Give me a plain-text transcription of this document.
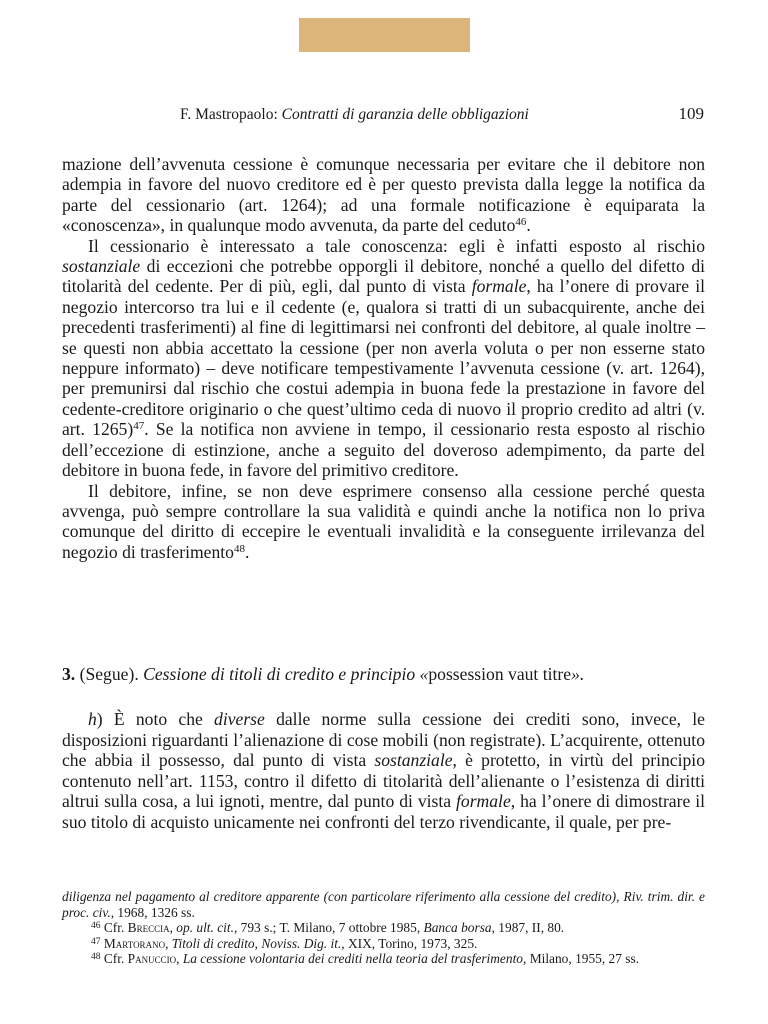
F. Mastropaolo: Contratti di garanzia delle obbligazioni	109

mazione dell’avvenuta cessione è comunque necessaria per evitare che il debitore non adempia in favore del nuovo creditore ed è per questo prevista dalla legge la notifica da parte del cessionario (art. 1264); ad una formale notificazione è equiparata la «conoscenza», in qualunque modo avvenuta, da parte del ceduto$^{46}$.

Il cessionario è interessato a tale conoscenza: egli è infatti esposto al rischio sostanziale di eccezioni che potrebbe opporgli il debitore, nonché a quello del difetto di titolarità del cedente. Per di più, egli, dal punto di vista formale, ha l’onere di provare il negozio intercorso tra lui e il cedente (e, qualora si tratti di un subacquirente, anche dei precedenti trasferimenti) al fine di legittimarsi nei confronti del debitore, al quale inoltre – se questi non abbia accettato la cessione (per non averla voluta o per non esserne stato neppure informato) – deve notificare tempestivamente l’avvenuta cessione (v. art. 1264), per premunirsi dal rischio che costui adempia in buona fede la prestazione in favore del cedente-creditore originario o che quest’ultimo ceda di nuovo il proprio credito ad altri (v. art. 1265)$^{47}$. Se la notifica non avviene in tempo, il cessionario resta esposto al rischio dell’eccezione di estinzione, anche a seguito del doveroso adempimento, da parte del debitore in buona fede, in favore del primitivo creditore.

Il debitore, infine, se non deve esprimere consenso alla cessione perché questa avvenga, può sempre controllare la sua validità e quindi anche la notifica non lo priva comunque del diritto di eccepire le eventuali invalidità e la conseguente irrilevanza del negozio di trasferimento$^{48}$.

3. (Segue). Cessione di titoli di credito e principio «possession vaut titre».

h) È noto che diverse dalle norme sulla cessione dei crediti sono, invece, le disposizioni riguardanti l’alienazione di cose mobili (non registrate). L’acquirente, ottenuto che abbia il possesso, dal punto di vista sostanziale, è protetto, in virtù del principio contenuto nell’art. 1153, contro il difetto di titolarità dell’alienante o l’esistenza di diritti altrui sulla cosa, a lui ignoti, mentre, dal punto di vista formale, ha l’onere di dimostrare il suo titolo di acquisto unicamente nei confronti del terzo rivendicante, il quale, per pre-

diligenza nel pagamento al creditore apparente (con particolare riferimento alla cessione del credito), Riv. trim. dir. e proc. civ., 1968, 1326 ss.

$^{46}$ Cfr. Breccia, op. ult. cit., 793 s.; T. Milano, 7 ottobre 1985, Banca borsa, 1987, II, 80.

$^{47}$ Martorano, Titoli di credito, Noviss. Dig. it., XIX, Torino, 1973, 325.

$^{48}$ Cfr. Panuccio, La cessione volontaria dei crediti nella teoria del trasferimento, Milano, 1955, 27 ss.
